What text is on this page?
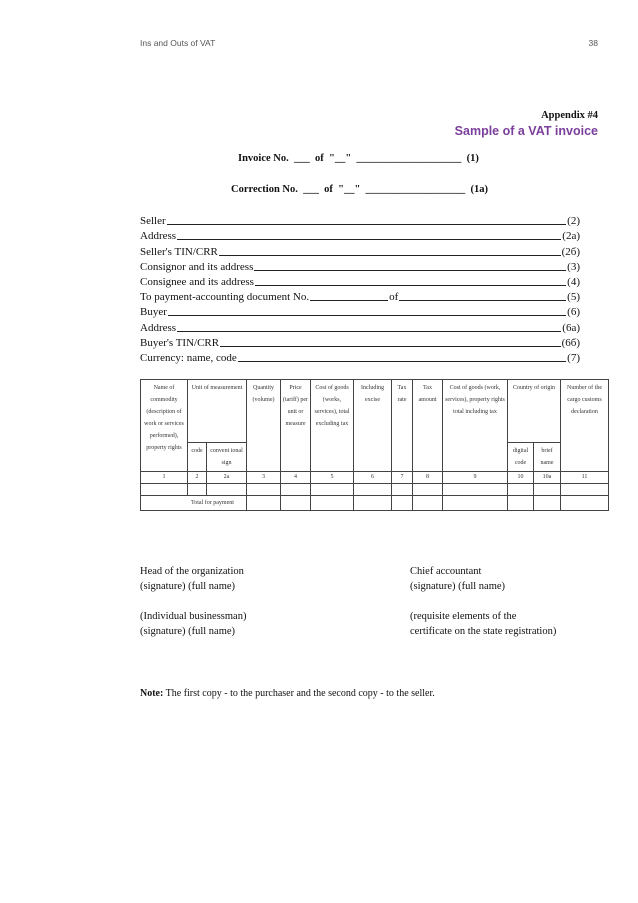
Ins and Outs of VAT	38
Appendix #4
Sample of a VAT invoice
Invoice No. ___ of "__" ____________________ (1)
Correction No. ___ of "__" ___________________ (1a)
Seller	(2)
Address	(2a)
Seller's TIN/CRR	(2б)
Consignor and its address	(3)
Consignee and its address	(4)
To payment-accounting document No.	of	(5)
Buyer	(6)
Address	(6a)
Buyer's TIN/CRR	(6б)
Currency: name, code	(7)
Name of commodity (description of work or services performed), property rights	Unit of measurement		Quantity (volume)	Price (tariff) per unit or measure	Cost of goods (works, services), total excluding tax	Including excise	Tax rate	Tax amount	Cost of goods (work, services), property rights total including tax	Country of origin		Number of the cargo customs declaration
	code	convent ional sign								digital code	brief name	
1	2	2a	3	4	5	6	7	8	9	10	10a	11

Total for payment												
Head of the organization
(signature) (full name)
Chief accountant
(signature) (full name)
(Individual businessman)
(signature) (full name)
(requisite elements of the
certificate on the state registration)
Note: The first copy - to the purchaser and the second copy - to the seller.
